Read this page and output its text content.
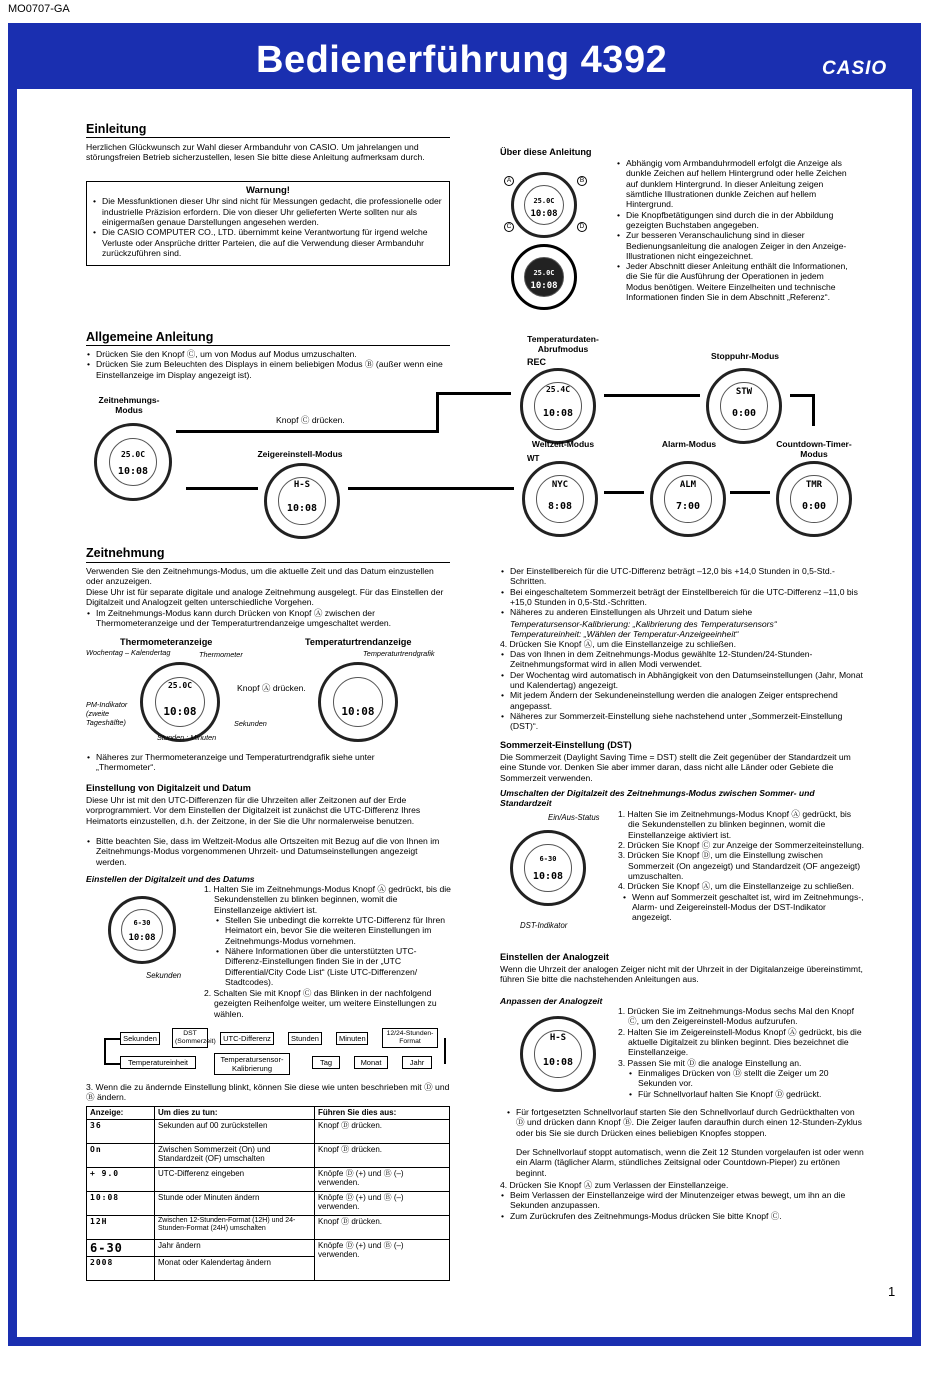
MO0707-GA
Bedienerführung 4392	CASIO
Einleitung
Herzlichen Glückwunsch zur Wahl dieser Armbanduhr von CASIO. Um jahrelangen und störungsfreien Betrieb sicherzustellen, lesen Sie bitte diese Anleitung aufmerksam durch.
Warnung!
• Die Messfunktionen dieser Uhr sind nicht für Messungen gedacht, die professionelle oder industrielle Präzision erfordern. Die von dieser Uhr gelieferten Werte sollten nur als einigermaßen genaue Darstellungen angesehen werden.
• Die CASIO COMPUTER CO., LTD. übernimmt keine Verantwortung für irgend welche Verluste oder Ansprüche dritter Parteien, die auf die Verwendung dieser Armbanduhr zurückzuführen sind.
Über diese Anleitung
25.0C
10:08
25.0C
10:08
A	B
C	D
• Abhängig vom Armbanduhrmodell erfolgt die Anzeige als dunkle Zeichen auf hellem Hintergrund oder helle Zeichen auf dunklem Hintergrund. In dieser Anleitung zeigen sämtliche Illustrationen dunkle Zeichen auf hellem Hintergrund.
• Die Knopfbetätigungen sind durch die in der Abbildung gezeigten Buchstaben angegeben.
• Zur besseren Veranschaulichung sind in dieser Bedienungsanleitung die analogen Zeiger in den Anzeige-Illustrationen nicht eingezeichnet.
• Jeder Abschnitt dieser Anleitung enthält die Informationen, die Sie für die Ausführung der Operationen in jedem Modus benötigen. Weitere Einzelheiten und technische Informationen finden Sie in dem Abschnitt „Referenz“.
Allgemeine Anleitung
• Drücken Sie den Knopf Ⓒ, um von Modus auf Modus umzuschalten.
• Drücken Sie zum Beleuchten des Displays in einem beliebigen Modus Ⓑ (außer wenn eine Einstellanzeige im Display angezeigt ist).
Zeitnehmungs-Modus
25.0C
10:08
Knopf Ⓒ drücken.
Temperaturdaten-Abrufmodus
REC
25.4C
10:08
Stoppuhr-Modus
STW
0:00
Countdown-Timer-Modus
TMR
0:00
Alarm-Modus
ALM
7:00
Weltzeit-Modus
WT
NYC
8:08
Zeigereinstell-Modus
H-S
10:08
Zeitnehmung
Verwenden Sie den Zeitnehmungs-Modus, um die aktuelle Zeit und das Datum einzustellen oder anzuzeigen.
Diese Uhr ist für separate digitale und analoge Zeitnehmung ausgelegt. Für das Einstellen der Digitalzeit und Analogzeit gelten unterschiedliche Vorgehen.
• Im Zeitnehmungs-Modus kann durch Drücken von Knopf Ⓐ zwischen der Thermometeranzeige und der Temperaturtrendanzeige umgeschaltet werden.
Thermometeranzeige	Temperaturtrendanzeige
Wochentag – Kalendertag	Thermometer	Temperaturtrendgrafik
25.0C
10:08	10:08
Knopf Ⓐ drücken.
PM-Indikator (zweite Tageshälfte)	Sekunden
Stunden : Minuten
• Näheres zur Thermometeranzeige und Temperaturtrendgrafik siehe unter „Thermometer“.
Einstellung von Digitalzeit und Datum
Diese Uhr ist mit den UTC-Differenzen für die Uhrzeiten aller Zeitzonen auf der Erde vorprogrammiert. Vor dem Einstellen der Digitalzeit ist zunächst die UTC-Differenz Ihres Heimatorts einzustellen, d.h. der Zeitzone, in der Sie die Uhr normalerweise benutzen.
• Bitte beachten Sie, dass im Weltzeit-Modus alle Ortszeiten mit Bezug auf die von Ihnen im Zeitnehmungs-Modus vorgenommenen Uhrzeit- und Datumseinstellungen angezeigt werden.
Einstellen der Digitalzeit und des Datums
6-30
10:08
Sekunden
1. Halten Sie im Zeitnehmungs-Modus Knopf Ⓐ gedrückt, bis die Sekundenstellen zu blinken beginnen, womit die Einstellanzeige aktiviert ist.
• Stellen Sie unbedingt die korrekte UTC-Differenz für Ihren Heimatort ein, bevor Sie die weiteren Einstellungen im Zeitnehmungs-Modus vornehmen.
• Nähere Informationen über die unterstützten UTC-Differenz-Einstellungen finden Sie in der „UTC Differential/City Code List“ (Liste UTC-Differenzen/ Stadtcodes).
2. Schalten Sie mit Knopf Ⓒ das Blinken in der nachfolgend gezeigten Reihenfolge weiter, um weitere Einstellungen zu wählen.
Sekunden
DST (Sommerzeit) UTC-Differenz	Stunden	Minuten
12/24-Stunden-Format
Temperatureinheit	Temperatursensor-Kalibrierung
Tag	Monat	Jahr
3. Wenn die zu ändernde Einstellung blinkt, können Sie diese wie unten beschrieben mit Ⓓ und Ⓑ ändern.
Anzeige:	Um dies zu tun:	Führen Sie dies aus:
36	Sekunden auf 00 zurückstellen	Knopf Ⓓ drücken.
On	Zwischen Sommerzeit (On) und Standardzeit (OF) umschalten	Knopf Ⓓ drücken.
+ 9.0	UTC-Differenz eingeben	Knöpfe Ⓓ (+) und Ⓑ (–) verwenden.
10:08	Stunde oder Minuten ändern	Knöpfe Ⓓ (+) und Ⓑ (–) verwenden.
12H	Zwischen 12-Stunden-Format (12H) und 24-Stunden-Format (24H) umschalten	Knopf Ⓓ drücken.
6-30	Jahr ändern	Knöpfe Ⓓ (+) und Ⓑ (–) verwenden.
2008	Monat oder Kalendertag ändern	
• Der Einstellbereich für die UTC-Differenz beträgt –12,0 bis +14,0 Stunden in 0,5-Std.-Schritten.
• Bei eingeschaltetem Sommerzeit beträgt der Einstellbereich für die UTC-Differenz –11,0 bis +15,0 Stunden in 0,5-Std.-Schritten.
• Näheres zu anderen Einstellungen als Uhrzeit und Datum siehe
Temperatursensor-Kalibrierung: „Kalibrierung des Temperatursensors“
Temperatureinheit: „Wählen der Temperatur-Anzeigeeinheit“
4. Drücken Sie Knopf Ⓐ, um die Einstellanzeige zu schließen.
• Das von Ihnen in dem Zeitnehmungs-Modus gewählte 12-Stunden/24-Stunden-Zeitnehmungsformat wird in allen Modi verwendet.
• Der Wochentag wird automatisch in Abhängigkeit von den Datumseinstellungen (Jahr, Monat und Kalendertag) angezeigt.
• Mit jedem Ändern der Sekundeneinstellung werden die analogen Zeiger entsprechend angepasst.
• Näheres zur Sommerzeit-Einstellung siehe nachstehend unter „Sommerzeit-Einstellung (DST)“.
Sommerzeit-Einstellung (DST)
Die Sommerzeit (Daylight Saving Time = DST) stellt die Zeit gegenüber der Standardzeit um eine Stunde vor. Denken Sie aber immer daran, dass nicht alle Länder oder Gebiete die Sommerzeit verwenden.
Umschalten der Digitalzeit des Zeitnehmungs-Modus zwischen Sommer- und Standardzeit
Ein/Aus-Status
6-30
10:08
DST-Indikator
1. Halten Sie im Zeitnehmungs-Modus Knopf Ⓐ gedrückt, bis die Sekundenstellen zu blinken beginnen, womit die Einstellanzeige aktiviert ist.
2. Drücken Sie Knopf Ⓒ zur Anzeige der Sommerzeiteinstellung.
3. Drücken Sie Knopf Ⓓ, um die Einstellung zwischen Sommerzeit (On angezeigt) und Standardzeit (OF angezeigt) umzuschalten.
4. Drücken Sie Knopf Ⓐ, um die Einstellanzeige zu schließen.
• Wenn auf Sommerzeit geschaltet ist, wird im Zeitnehmungs-, Alarm- und Zeigereinstell-Modus der DST-Indikator angezeigt.
Einstellen der Analogzeit
Wenn die Uhrzeit der analogen Zeiger nicht mit der Uhrzeit in der Digitalanzeige übereinstimmt, führen Sie bitte die nachstehenden Anleitungen aus.
Anpassen der Analogzeit
H-S
10:08
1. Drücken Sie im Zeitnehmungs-Modus sechs Mal den Knopf Ⓒ, um den Zeigereinstell-Modus aufzurufen.
2. Halten Sie im Zeigereinstell-Modus Knopf Ⓐ gedrückt, bis die aktuelle Digitalzeit zu blinken beginnt. Dies bezeichnet die Einstellanzeige.
3. Passen Sie mit Ⓓ die analoge Einstellung an.
• Einmaliges Drücken von Ⓓ stellt die Zeiger um 20 Sekunden vor.
• Für Schnellvorlauf halten Sie Knopf Ⓓ gedrückt.
• Für fortgesetzten Schnellvorlauf starten Sie den Schnellvorlauf durch Gedrückthalten von Ⓓ und drücken dann Knopf Ⓑ. Die Zeiger laufen daraufhin durch einen 12-Stunden-Zyklus oder bis Sie sie durch Drücken eines beliebigen Knopfes stoppen.
Der Schnellvorlauf stoppt automatisch, wenn die Zeit 12 Stunden vorgelaufen ist oder wenn ein Alarm (täglicher Alarm, stündliches Zeitsignal oder Countdown-Pieper) zu ertönen beginnt.
4. Drücken Sie Knopf Ⓐ zum Verlassen der Einstellanzeige.
• Beim Verlassen der Einstellanzeige wird der Minutenzeiger etwas bewegt, um ihn an die Sekunden anzupassen.
• Zum Zurückrufen des Zeitnehmungs-Modus drücken Sie bitte Knopf Ⓒ.
1
